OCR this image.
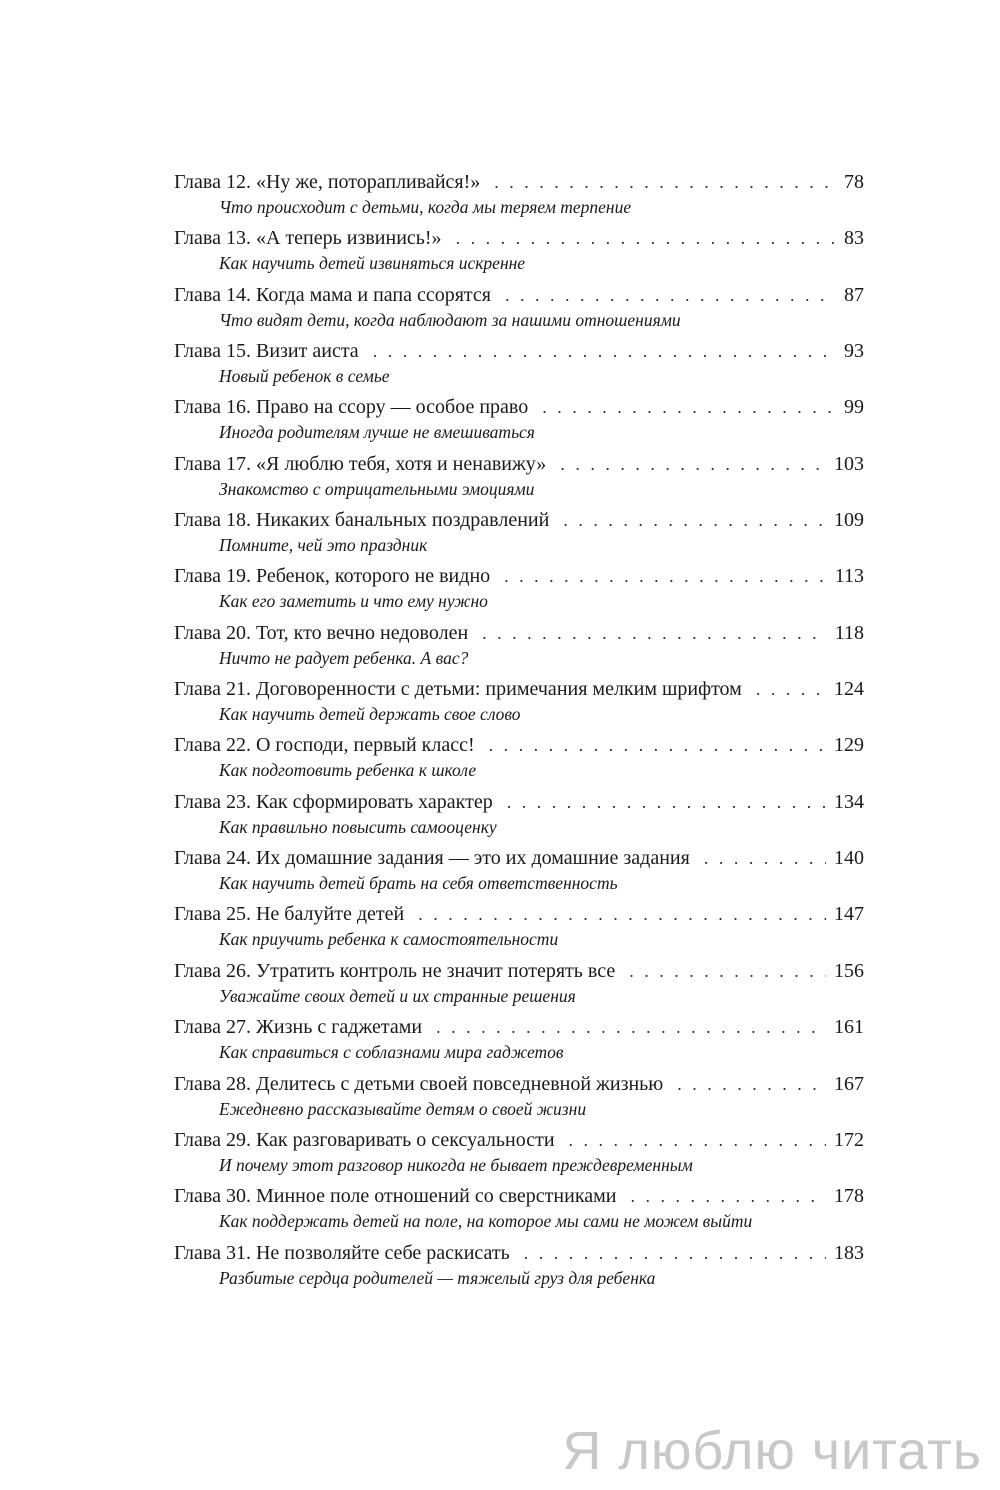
Глава 12. «Ну же, поторапливайся!» . . .	78
Что происходит с детьми, когда мы теряем терпение
Глава 13. «А теперь извинись!» . . .	83
Как научить детей извиняться искренне
Глава 14. Когда мама и папа ссорятся . . .	87
Что видят дети, когда наблюдают за нашими отношениями
Глава 15. Визит аиста . . .	93
Новый ребенок в семье
Глава 16. Право на ссору — особое право . . .	99
Иногда родителям лучше не вмешиваться
Глава 17. «Я люблю тебя, хотя и ненавижу» . . .	103
Знакомство с отрицательными эмоциями
Глава 18. Никаких банальных поздравлений . . .	109
Помните, чей это праздник
Глава 19. Ребенок, которого не видно . . .	113
Как его заметить и что ему нужно
Глава 20. Тот, кто вечно недоволен . . .	118
Ничто не радует ребенка. А вас?
Глава 21. Договоренности с детьми: примечания мелким шрифтом . . .	124
Как научить детей держать свое слово
Глава 22. О господи, первый класс! . . .	129
Как подготовить ребенка к школе
Глава 23. Как сформировать характер . . .	134
Как правильно повысить самооценку
Глава 24. Их домашние задания — это их домашние задания . . .	140
Как научить детей брать на себя ответственность
Глава 25. Не балуйте детей . . .	147
Как приучить ребенка к самостоятельности
Глава 26. Утратить контроль не значит потерять все . . .	156
Уважайте своих детей и их странные решения
Глава 27. Жизнь с гаджетами . . .	161
Как справиться с соблазнами мира гаджетов
Глава 28. Делитесь с детьми своей повседневной жизнью . . .	167
Ежедневно рассказывайте детям о своей жизни
Глава 29. Как разговаривать о сексуальности . . .	172
И почему этот разговор никогда не бывает преждевременным
Глава 30. Минное поле отношений со сверстниками . . .	178
Как поддержать детей на поле, на которое мы сами не можем выйти
Глава 31. Не позволяйте себе раскисать . . .	183
Разбитые сердца родителей — тяжелый груз для ребенка
Я люблю читать
